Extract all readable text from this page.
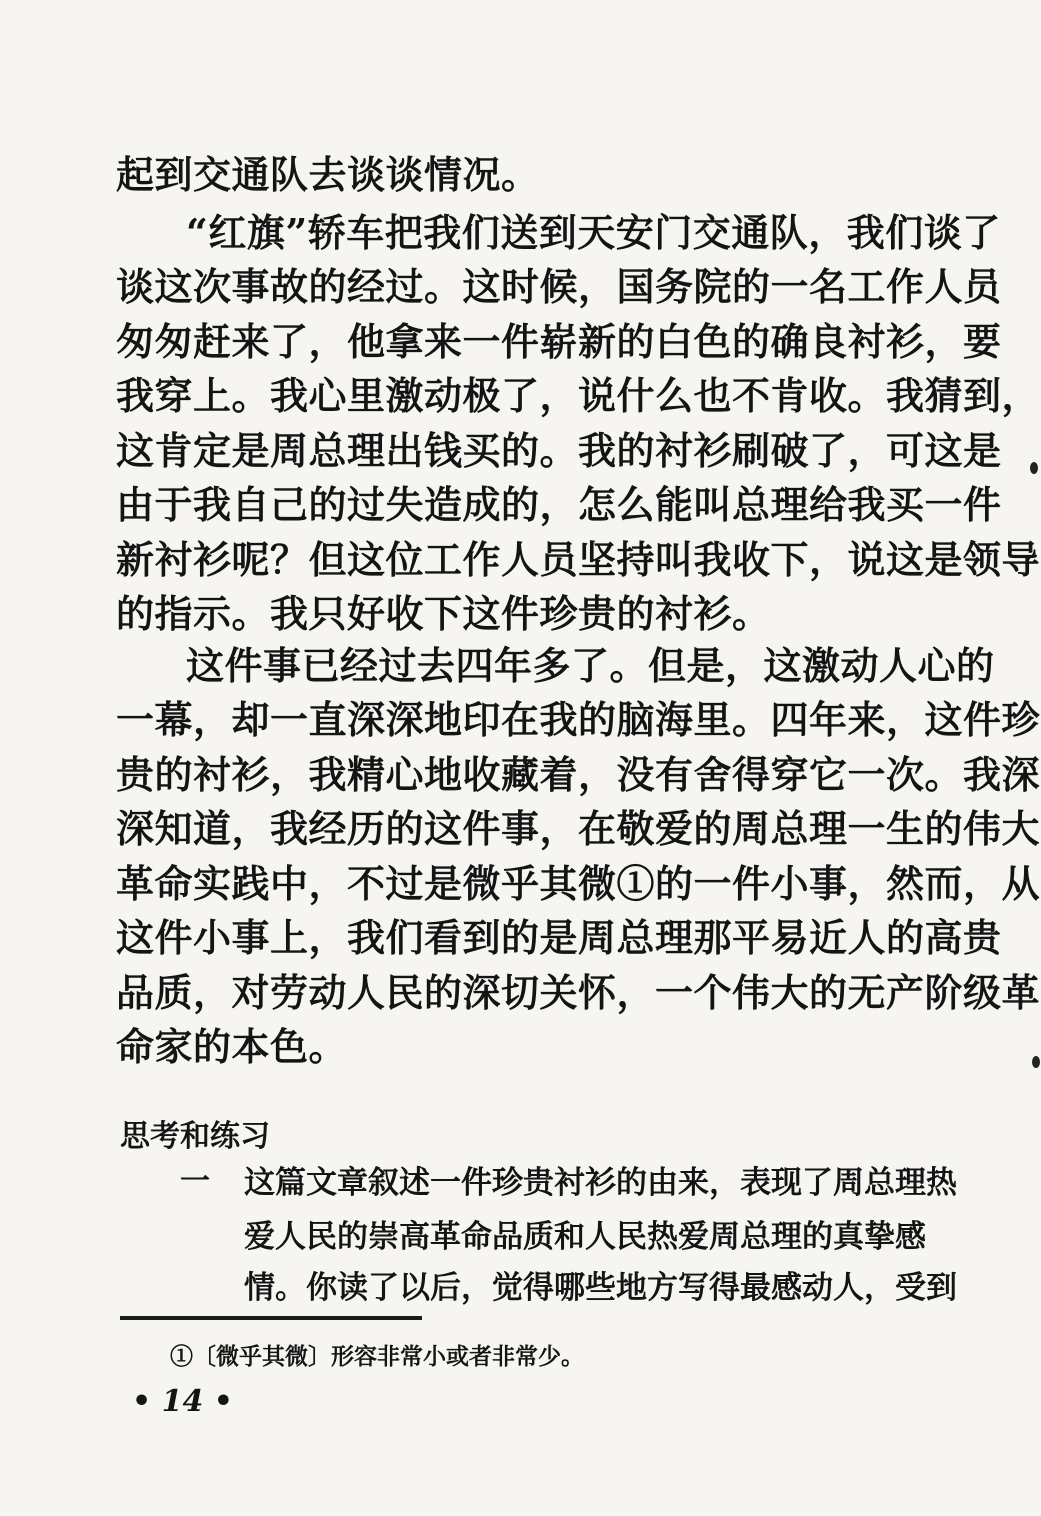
起到交通队去谈谈情况。

“红旗”轿车把我们送到天安门交通队，我们谈了

谈这次事故的经过。这时候，国务院的一名工作人员

匆匆赶来了，他拿来一件崭新的白色的确良衬衫，要

我穿上。我心里激动极了，说什么也不肯收。我猜到，

这肯定是周总理出钱买的。我的衬衫刷破了，可这是

由于我自己的过失造成的，怎么能叫总理给我买一件

新衬衫呢？但这位工作人员坚持叫我收下，说这是领导

的指示。我只好收下这件珍贵的衬衫。

这件事已经过去四年多了。但是，这激动人心的

一幕，却一直深深地印在我的脑海里。四年来，这件珍

贵的衬衫，我精心地收藏着，没有舍得穿它一次。我深

深知道，我经历的这件事，在敬爱的周总理一生的伟大

革命实践中，不过是微乎其微①的一件小事，然而，从

这件小事上，我们看到的是周总理那平易近人的高贵

品质，对劳动人民的深切关怀，一个伟大的无产阶级革

命家的本色。

思考和练习
一 这篇文章叙述一件珍贵衬衫的由来，表现了周总理热

爱人民的崇高革命品质和人民热爱周总理的真挚感

情。你读了以后，觉得哪些地方写得最感动人，受到

①〔微乎其微〕形容非常小或者非常少。

• 14 •
